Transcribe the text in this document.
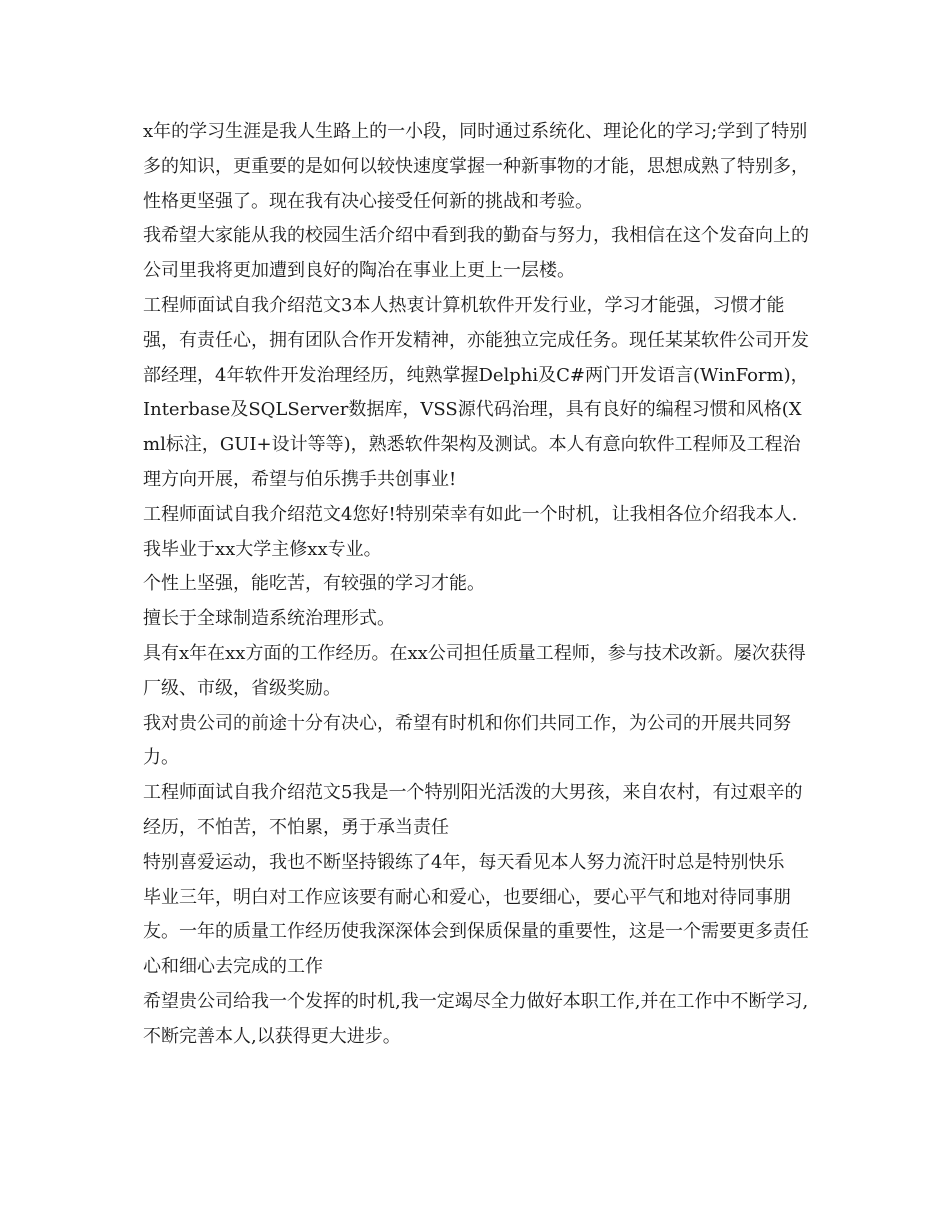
x年的学习生涯是我人生路上的一小段，同时通过系统化、理论化的学习;学到了特别多的知识，更重要的是如何以较快速度掌握一种新事物的才能，思想成熟了特别多，性格更坚强了。现在我有决心接受任何新的挑战和考验。

我希望大家能从我的校园生活介绍中看到我的勤奋与努力，我相信在这个发奋向上的公司里我将更加遭到良好的陶冶在事业上更上一层楼。

工程师面试自我介绍范文3本人热衷计算机软件开发行业，学习才能强，习惯才能强，有责任心，拥有团队合作开发精神，亦能独立完成任务。现任某某软件公司开发部经理，4年软件开发治理经历，纯熟掌握Delphi及C#两门开发语言(WinForm)，Interbase及SQLServer数据库，VSS源代码治理，具有良好的编程习惯和风格(Xml标注，GUI+设计等等)，熟悉软件架构及测试。本人有意向软件工程师及工程治理方向开展，希望与伯乐携手共创事业!

工程师面试自我介绍范文4您好!特别荣幸有如此一个时机，让我相各位介绍我本人.我毕业于xx大学主修xx专业。

个性上坚强，能吃苦，有较强的学习才能。

擅长于全球制造系统治理形式。

具有x年在xx方面的工作经历。在xx公司担任质量工程师，参与技术改新。屡次获得厂级、市级，省级奖励。

我对贵公司的前途十分有决心，希望有时机和你们共同工作，为公司的开展共同努力。

工程师面试自我介绍范文5我是一个特别阳光活泼的大男孩，来自农村，有过艰辛的经历，不怕苦，不怕累，勇于承当责任

特别喜爱运动，我也不断坚持锻练了4年，每天看见本人努力流汗时总是特别快乐

毕业三年，明白对工作应该要有耐心和爱心，也要细心，要心平气和地对待同事朋友。一年的质量工作经历使我深深体会到保质保量的重要性，这是一个需要更多责任心和细心去完成的工作

希望贵公司给我一个发挥的时机,我一定竭尽全力做好本职工作,并在工作中不断学习,不断完善本人,以获得更大进步。
